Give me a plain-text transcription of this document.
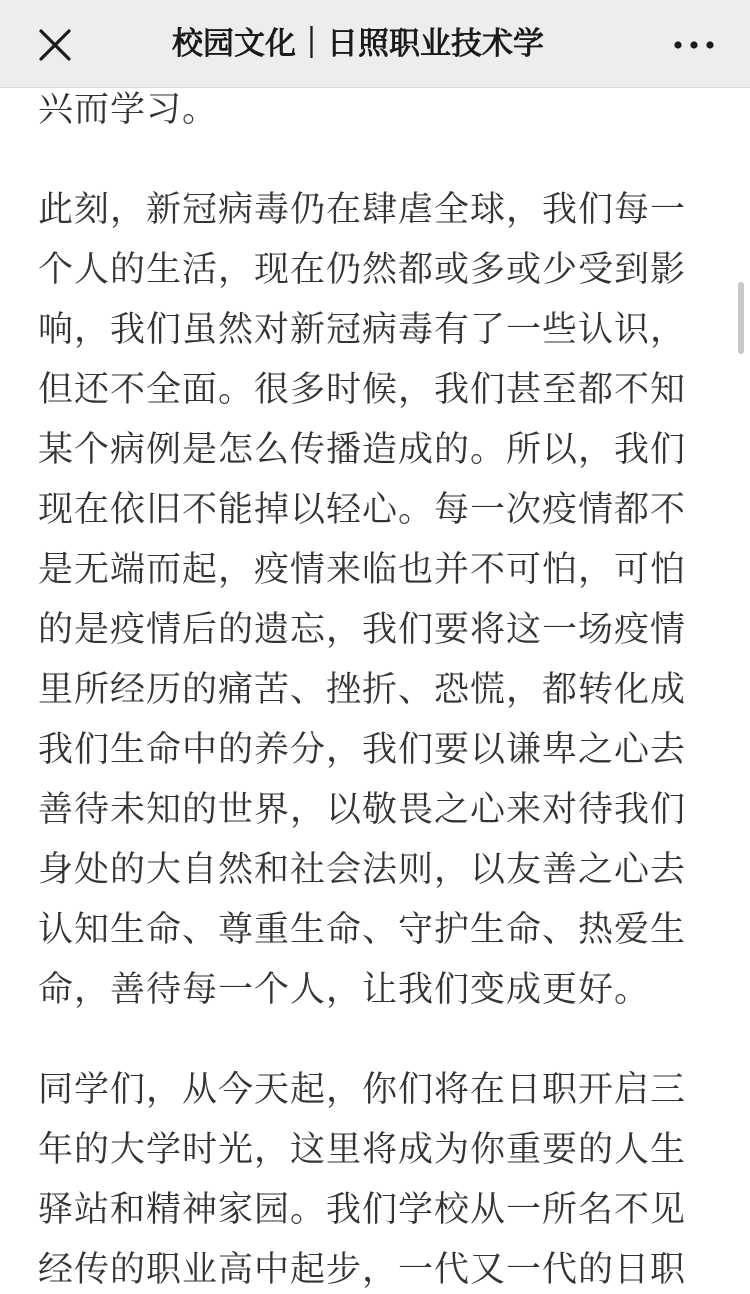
校园文化｜日照职业技术学

兴而学习。

此刻，新冠病毒仍在肆虐全球，我们每一个人的生活，现在仍然都或多或少受到影响，我们虽然对新冠病毒有了一些认识，但还不全面。很多时候，我们甚至都不知某个病例是怎么传播造成的。所以，我们现在依旧不能掉以轻心。每一次疫情都不是无端而起，疫情来临也并不可怕，可怕的是疫情后的遗忘，我们要将这一场疫情里所经历的痛苦、挫折、恐慌，都转化成我们生命中的养分，我们要以谦卑之心去善待未知的世界，以敬畏之心来对待我们身处的大自然和社会法则，以友善之心去认知生命、尊重生命、守护生命、热爱生命，善待每一个人，让我们变成更好。

同学们，从今天起，你们将在日职开启三年的大学时光，这里将成为你重要的人生驿站和精神家园。我们学校从一所名不见经传的职业高中起步，一代又一代的日职
